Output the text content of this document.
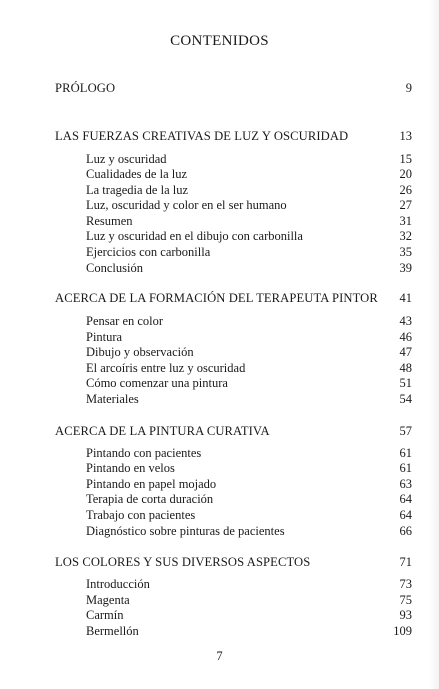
CONTENIDOS
PRÓLOGO	9
LAS FUERZAS CREATIVAS DE LUZ Y OSCURIDAD	13
Luz y oscuridad	15
Cualidades de la luz	20
La tragedia de la luz	26
Luz, oscuridad y color en el ser humano	27
Resumen	31
Luz y oscuridad en el dibujo con carbonilla	32
Ejercicios con carbonilla	35
Conclusión	39
ACERCA DE LA FORMACIÓN DEL TERAPEUTA PINTOR 41
Pensar en color	43
Pintura	46
Dibujo y observación	47
El arcoíris entre luz y oscuridad	48
Cómo comenzar una pintura	51
Materiales	54
ACERCA DE LA PINTURA CURATIVA	57
Pintando con pacientes	61
Pintando en velos	61
Pintando en papel mojado	63
Terapia de corta duración	64
Trabajo con pacientes	64
Diagnóstico sobre pinturas de pacientes	66
LOS COLORES Y SUS DIVERSOS ASPECTOS	71
Introducción	73
Magenta	75
Carmín	93
Bermellón	109
7
